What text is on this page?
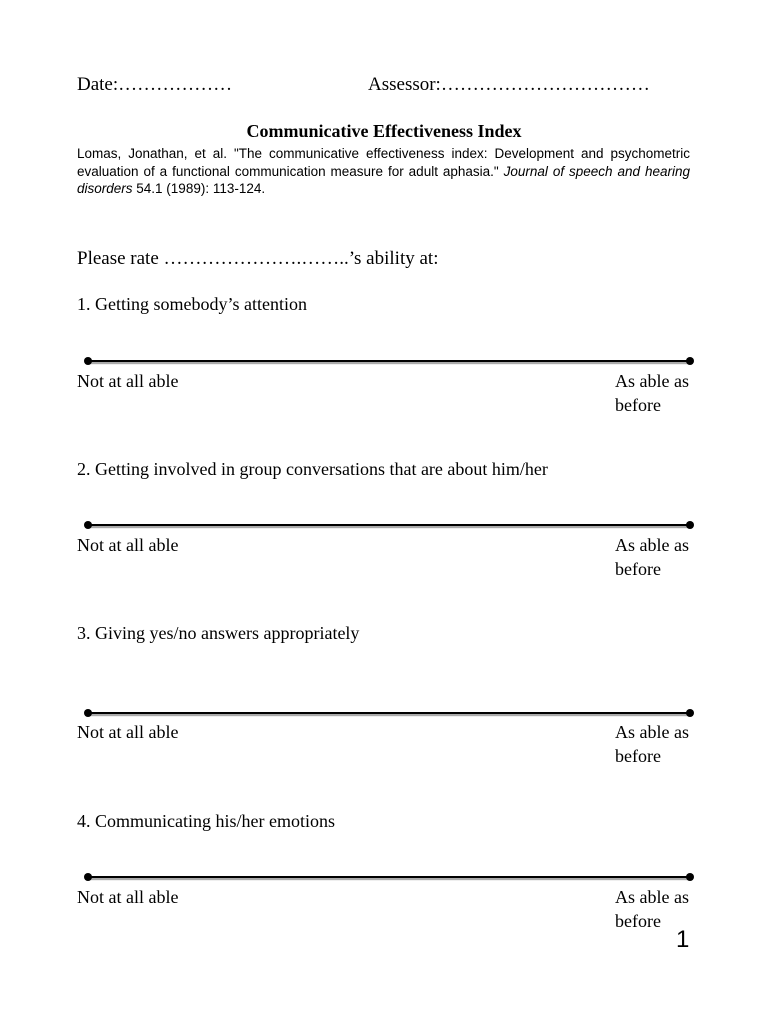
Date:………………	Assessor:……………………………
Communicative Effectiveness Index
Lomas, Jonathan, et al. "The communicative effectiveness index: Development and psychometric evaluation of a functional communication measure for adult aphasia." Journal of speech and hearing disorders 54.1 (1989): 113-124.
Please rate ………………….……..’s ability at:
1. Getting somebody’s attention
Not at all able	As able as before
2. Getting involved in group conversations that are about him/her
Not at all able	As able as before
3. Giving yes/no answers appropriately
Not at all able	As able as before
4. Communicating his/her emotions
Not at all able	As able as before
1
